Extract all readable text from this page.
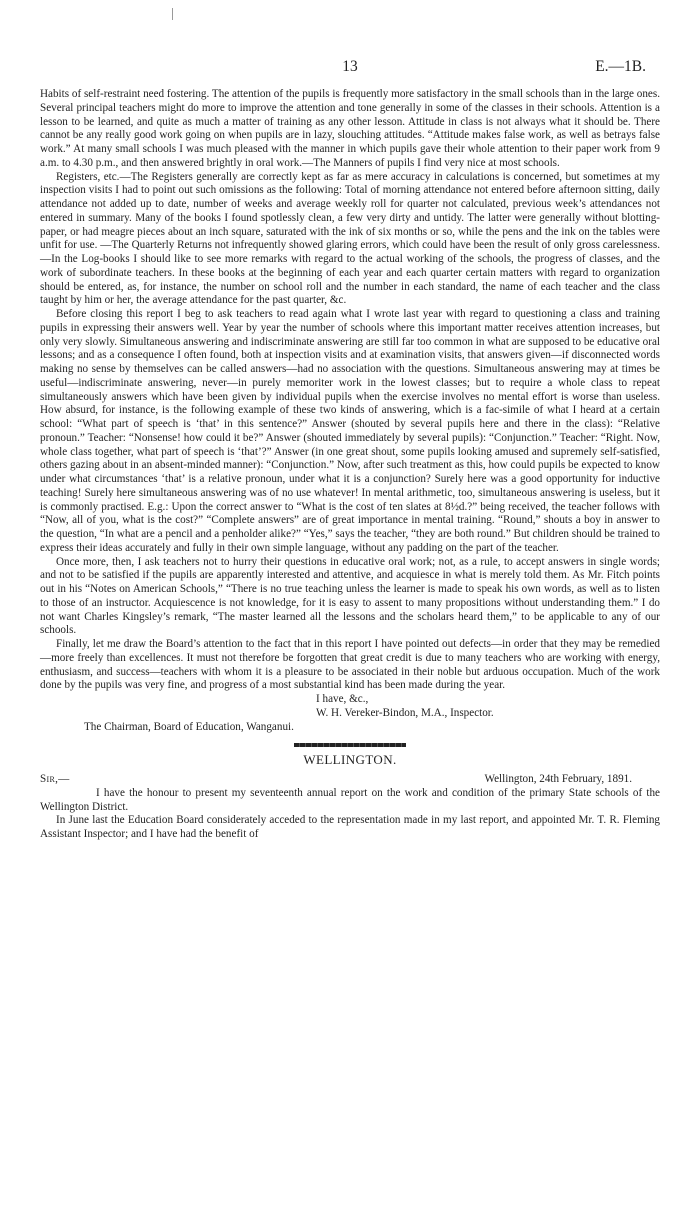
13	E.—1B.

Habits of self-restraint need fostering. The attention of the pupils is frequently more satisfactory in the small schools than in the large ones. Several principal teachers might do more to improve the attention and tone generally in some of the classes in their schools. Attention is a lesson to be learned, and quite as much a matter of training as any other lesson. Attitude in class is not always what it should be. There cannot be any really good work going on when pupils are in lazy, slouching attitudes. “Attitude makes false work, as well as betrays false work.” At many small schools I was much pleased with the manner in which pupils gave their whole attention to their paper work from 9 a.m. to 4.30 p.m., and then answered brightly in oral work.—The Manners of pupils I find very nice at most schools.

Registers, etc.—The Registers generally are correctly kept as far as mere accuracy in calculations is concerned, but sometimes at my inspection visits I had to point out such omissions as the following: Total of morning attendance not entered before afternoon sitting, daily attendance not added up to date, number of weeks and average weekly roll for quarter not calculated, previous week’s attendances not entered in summary. Many of the books I found spotlessly clean, a few very dirty and untidy. The latter were generally without blotting-paper, or had meagre pieces about an inch square, saturated with the ink of six months or so, while the pens and the ink on the tables were unfit for use. —The Quarterly Returns not infrequently showed glaring errors, which could have been the result of only gross carelessness.—In the Log-books I should like to see more remarks with regard to the actual working of the schools, the progress of classes, and the work of subordinate teachers. In these books at the beginning of each year and each quarter certain matters with regard to organization should be entered, as, for instance, the number on school roll and the number in each standard, the name of each teacher and the class taught by him or her, the average attendance for the past quarter, &c.

Before closing this report I beg to ask teachers to read again what I wrote last year with regard to questioning a class and training pupils in expressing their answers well. Year by year the number of schools where this important matter receives attention increases, but only very slowly. Simultaneous answering and indiscriminate answering are still far too common in what are supposed to be educative oral lessons; and as a consequence I often found, both at inspection visits and at examination visits, that answers given—if disconnected words making no sense by themselves can be called answers—had no association with the questions. Simultaneous answering may at times be useful—indiscriminate answering, never—in purely memoriter work in the lowest classes; but to require a whole class to repeat simultaneously answers which have been given by individual pupils when the exercise involves no mental effort is worse than useless. How absurd, for instance, is the following example of these two kinds of answering, which is a fac-simile of what I heard at a certain school: “What part of speech is ‘that’ in this sentence?” Answer (shouted by several pupils here and there in the class): “Relative pronoun.” Teacher: “Nonsense! how could it be?” Answer (shouted immediately by several pupils): “Conjunction.” Teacher: “Right. Now, whole class together, what part of speech is ‘that’?” Answer (in one great shout, some pupils looking amused and supremely self-satisfied, others gazing about in an absent-minded manner): “Conjunction.” Now, after such treatment as this, how could pupils be expected to know under what circumstances ‘that’ is a relative pronoun, under what it is a conjunction? Surely here was a good opportunity for inductive teaching! Surely here simultaneous answering was of no use whatever! In mental arithmetic, too, simultaneous answering is useless, but it is commonly practised. E.g.: Upon the correct answer to “What is the cost of ten slates at 8½d.?” being received, the teacher follows with “Now, all of you, what is the cost?” “Complete answers” are of great importance in mental training. “Round,” shouts a boy in answer to the question, “In what are a pencil and a penholder alike?” “Yes,” says the teacher, “they are both round.” But children should be trained to express their ideas accurately and fully in their own simple language, without any padding on the part of the teacher.

Once more, then, I ask teachers not to hurry their questions in educative oral work; not, as a rule, to accept answers in single words; and not to be satisfied if the pupils are apparently interested and attentive, and acquiesce in what is merely told them. As Mr. Fitch points out in his “Notes on American Schools,” “There is no true teaching unless the learner is made to speak his own words, as well as to listen to those of an instructor. Acquiescence is not knowledge, for it is easy to assent to many propositions without understanding them.” I do not want Charles Kingsley’s remark, “The master learned all the lessons and the scholars heard them,” to be applicable to any of our schools.

Finally, let me draw the Board’s attention to the fact that in this report I have pointed out defects—in order that they may be remedied—more freely than excellences. It must not therefore be forgotten that great credit is due to many teachers who are working with energy, enthusiasm, and success—teachers with whom it is a pleasure to be associated in their noble but arduous occupation. Much of the work done by the pupils was very fine, and progress of a most substantial kind has been made during the year.

I have, &c.,

W. H. Vereker-Bindon, M.A., Inspector.

The Chairman, Board of Education, Wanganui.

WELLINGTON.
Sir,—	Wellington, 24th February, 1891.

I have the honour to present my seventeenth annual report on the work and condition of the primary State schools of the Wellington District.

In June last the Education Board considerately acceded to the representation made in my last report, and appointed Mr. T. R. Fleming Assistant Inspector; and I have had the benefit of
